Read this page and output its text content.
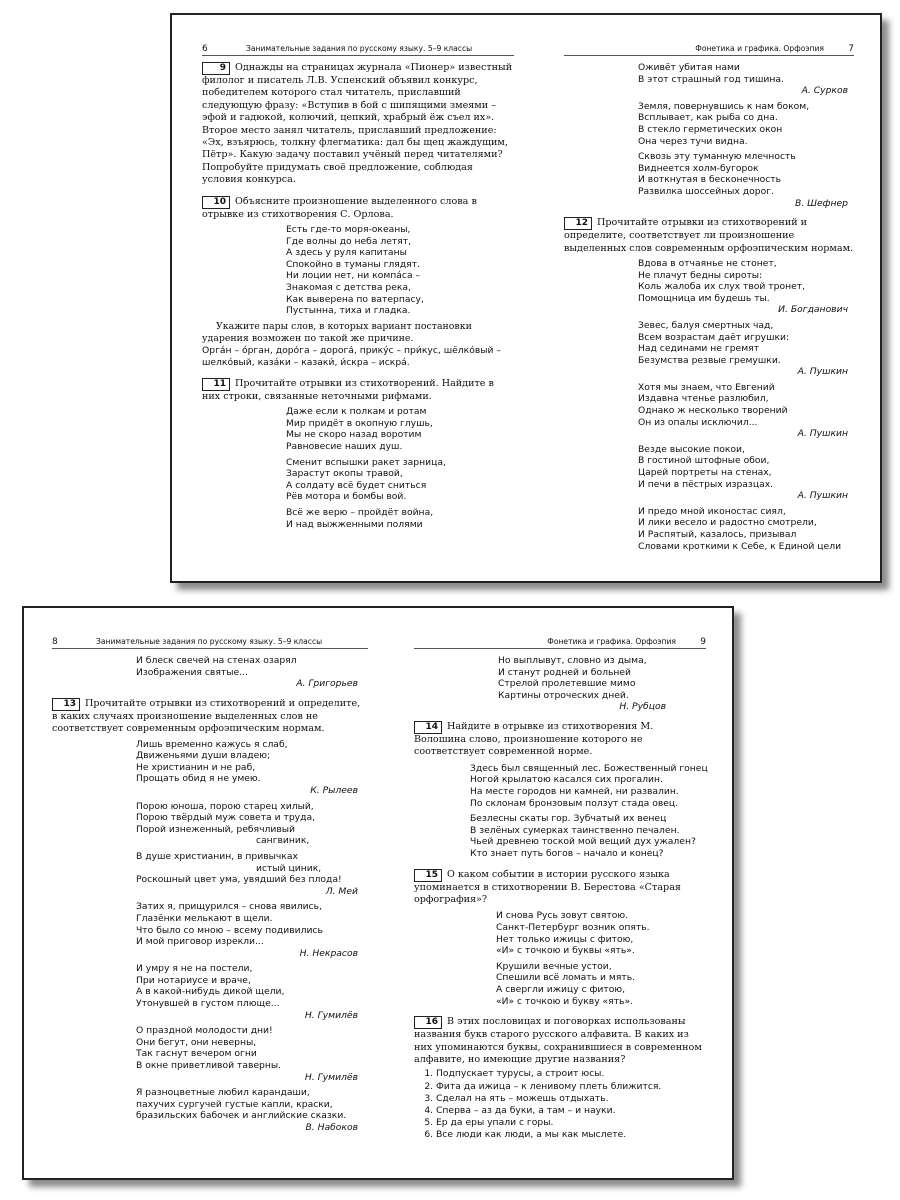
6	Занимательные задания по русскому языку. 5–9 классы

9 Однажды на страницах журнала «Пионер» известный филолог и писатель Л.В. Успенский объявил конкурс, победителем которого стал читатель, приславший следующую фразу: «Вступив в бой с шипящими змеями – эфой и гадюкой, колючий, цепкий, храбрый ёж съел их». Второе место занял читатель, приславший предложение: «Эх, взъярюсь, толкну флегматика: дал бы щец жаждущим, Пётр». Какую задачу поставил учёный перед читателями? Попробуйте придумать своё предложение, соблюдая условия конкурса.

10 Объясните произношение выделенного слова в отрывке из стихотворения С. Орлова.

Есть где-то моря-океаны,
Где волны до неба летят,
А здесь у руля капитаны
Спокойно в туманы глядят.
Ни лоции нет, ни компа́са –
Знакомая с детства река,
Как выверена по ватерпасу,
Пустынна, тиха и гладка.

Укажите пары слов, в которых вариант постановки ударения возможен по такой же причине.

Орга́н – о́рган, доро́га – дорога́, прику́с – при́кус, шёлко́вый – шелко́вый, каза́ки – казаки́, и́скра – искра́.

11 Прочитайте отрывки из стихотворений. Найдите в них строки, связанные неточными рифмами.

Даже если к полкам и ротам
Мир придёт в окопную глушь,
Мы не скоро назад воротим
Равновесие наших душ.
Сменит вспышки ракет зарница,
Зарастут окопы травой,
А солдату всё будет сниться
Рёв мотора и бомбы вой.
Всё же верю – пройдёт война,
И над выжженными полями
Фонетика и графика. Орфоэпия	7
Оживёт убитая нами
В этот страшный год тишина.
А. Сурков
Земля, повернувшись к нам боком,
Всплывает, как рыба со дна.
В стекло герметических окон
Она через тучи видна.
Сквозь эту туманную млечность
Виднеется холм-бугорок
И воткнутая в бесконечность
Развилка шоссейных дорог.
В. Шефнер

12 Прочитайте отрывки из стихотворений и определите, соответствует ли произношение выделенных слов современным орфоэпическим нормам.

Вдова в отчаянье не стонет,
Не плачут бедны сироты:
Коль жалоба их слух твой тронет,
Помощница им будешь ты.
И. Богданович
Зевес, балуя смертных чад,
Всем возрастам даёт игрушки:
Над сединами не гремят
Безумства резвые гремушки.
А. Пушкин
Хотя мы знаем, что Евгений
Издавна чтенье разлюбил,
Однако ж несколько творений
Он из опалы исключил...
А. Пушкин
Везде высокие покои,
В гостиной штофные обои,
Царей портреты на стенах,
И печи в пёстрых изразцах.
А. Пушкин
И предо мной иконостас сиял,
И лики весело и радостно смотрели,
И Распятый, казалось, призывал
Словами кроткими к Себе, к Единой цели
8	Занимательные задания по русскому языку. 5–9 классы
И блеск свечей на стенах озарял
Изображения святые...
А. Григорьев

13 Прочитайте отрывки из стихотворений и определите, в каких случаях произношение выделенных слов не соответствует современным орфоэпическим нормам.

Лишь временно кажусь я слаб,
Движеньями души владею;
Не христианин и не раб,
Прощать обид я не умею.
К. Рылеев
Порою юноша, порою старец хилый,
Порою твёрдый муж совета и труда,
Порой изнеженный, ребячливый
сангвиник,
В душе христианин, в привычках
истый циник,
Роскошный цвет ума, увядший без плода!
Л. Мей
Затих я, прищурился – снова явились,
Глазёнки мелькают в щели.
Что было со мною – всему подивились
И мой приговор изрекли...
Н. Некрасов
И умру я не на постели,
При нотариусе и враче,
А в какой-нибудь дикой щели,
Утонувшей в густом плюще...
Н. Гумилёв
О праздной молодости дни!
Они бегут, они неверны,
Так гаснут вечером огни
В окне приветливой таверны.
Н. Гумилёв
Я разноцветные любил карандаши,
пахучих сургучей густые капли, краски,
бразильских бабочек и английские сказки.
В. Набоков
Фонетика и графика. Орфоэпия	9
Но выплывут, словно из дыма,
И станут родней и больней
Стрелой пролетевшие мимо
Картины отроческих дней.
Н. Рубцов

14 Найдите в отрывке из стихотворения М. Волошина слово, произношение которого не соответствует современной норме.

Здесь был священный лес. Божественный гонец
Ногой крылатою касался сих прогалин.
На месте городов ни камней, ни развалин.
По склонам бронзовым ползут стада овец.
Безлесны скаты гор. Зубчатый их венец
В зелёных сумерках таинственно печален.
Чьей древнею тоской мой вещий дух ужален?
Кто знает путь богов – начало и конец?

15 О каком событии в истории русского языка упоминается в стихотворении В. Берестова «Старая орфография»?

И снова Русь зовут святою.
Санкт-Петербург возник опять.
Нет только ижицы с фитою,
«И» с точкою и буквы «ять».
Крушили вечные устои,
Спешили всё ломать и мять.
А свергли ижицу с фитою,
«И» с точкою и букву «ять».

16 В этих пословицах и поговорках использованы названия букв старого русского алфавита. В каких из них упоминаются буквы, сохранившиеся в современном алфавите, но имеющие другие названия?

1. Подпускает турусы, а строит юсы.
2. Фита да ижица – к ленивому плеть ближится.
3. Сделал на ять – можешь отдыхать.
4. Сперва – аз да буки, а там – и науки.
5. Ер да еры упали с горы.
6. Все люди как люди, а мы как мыслете.
